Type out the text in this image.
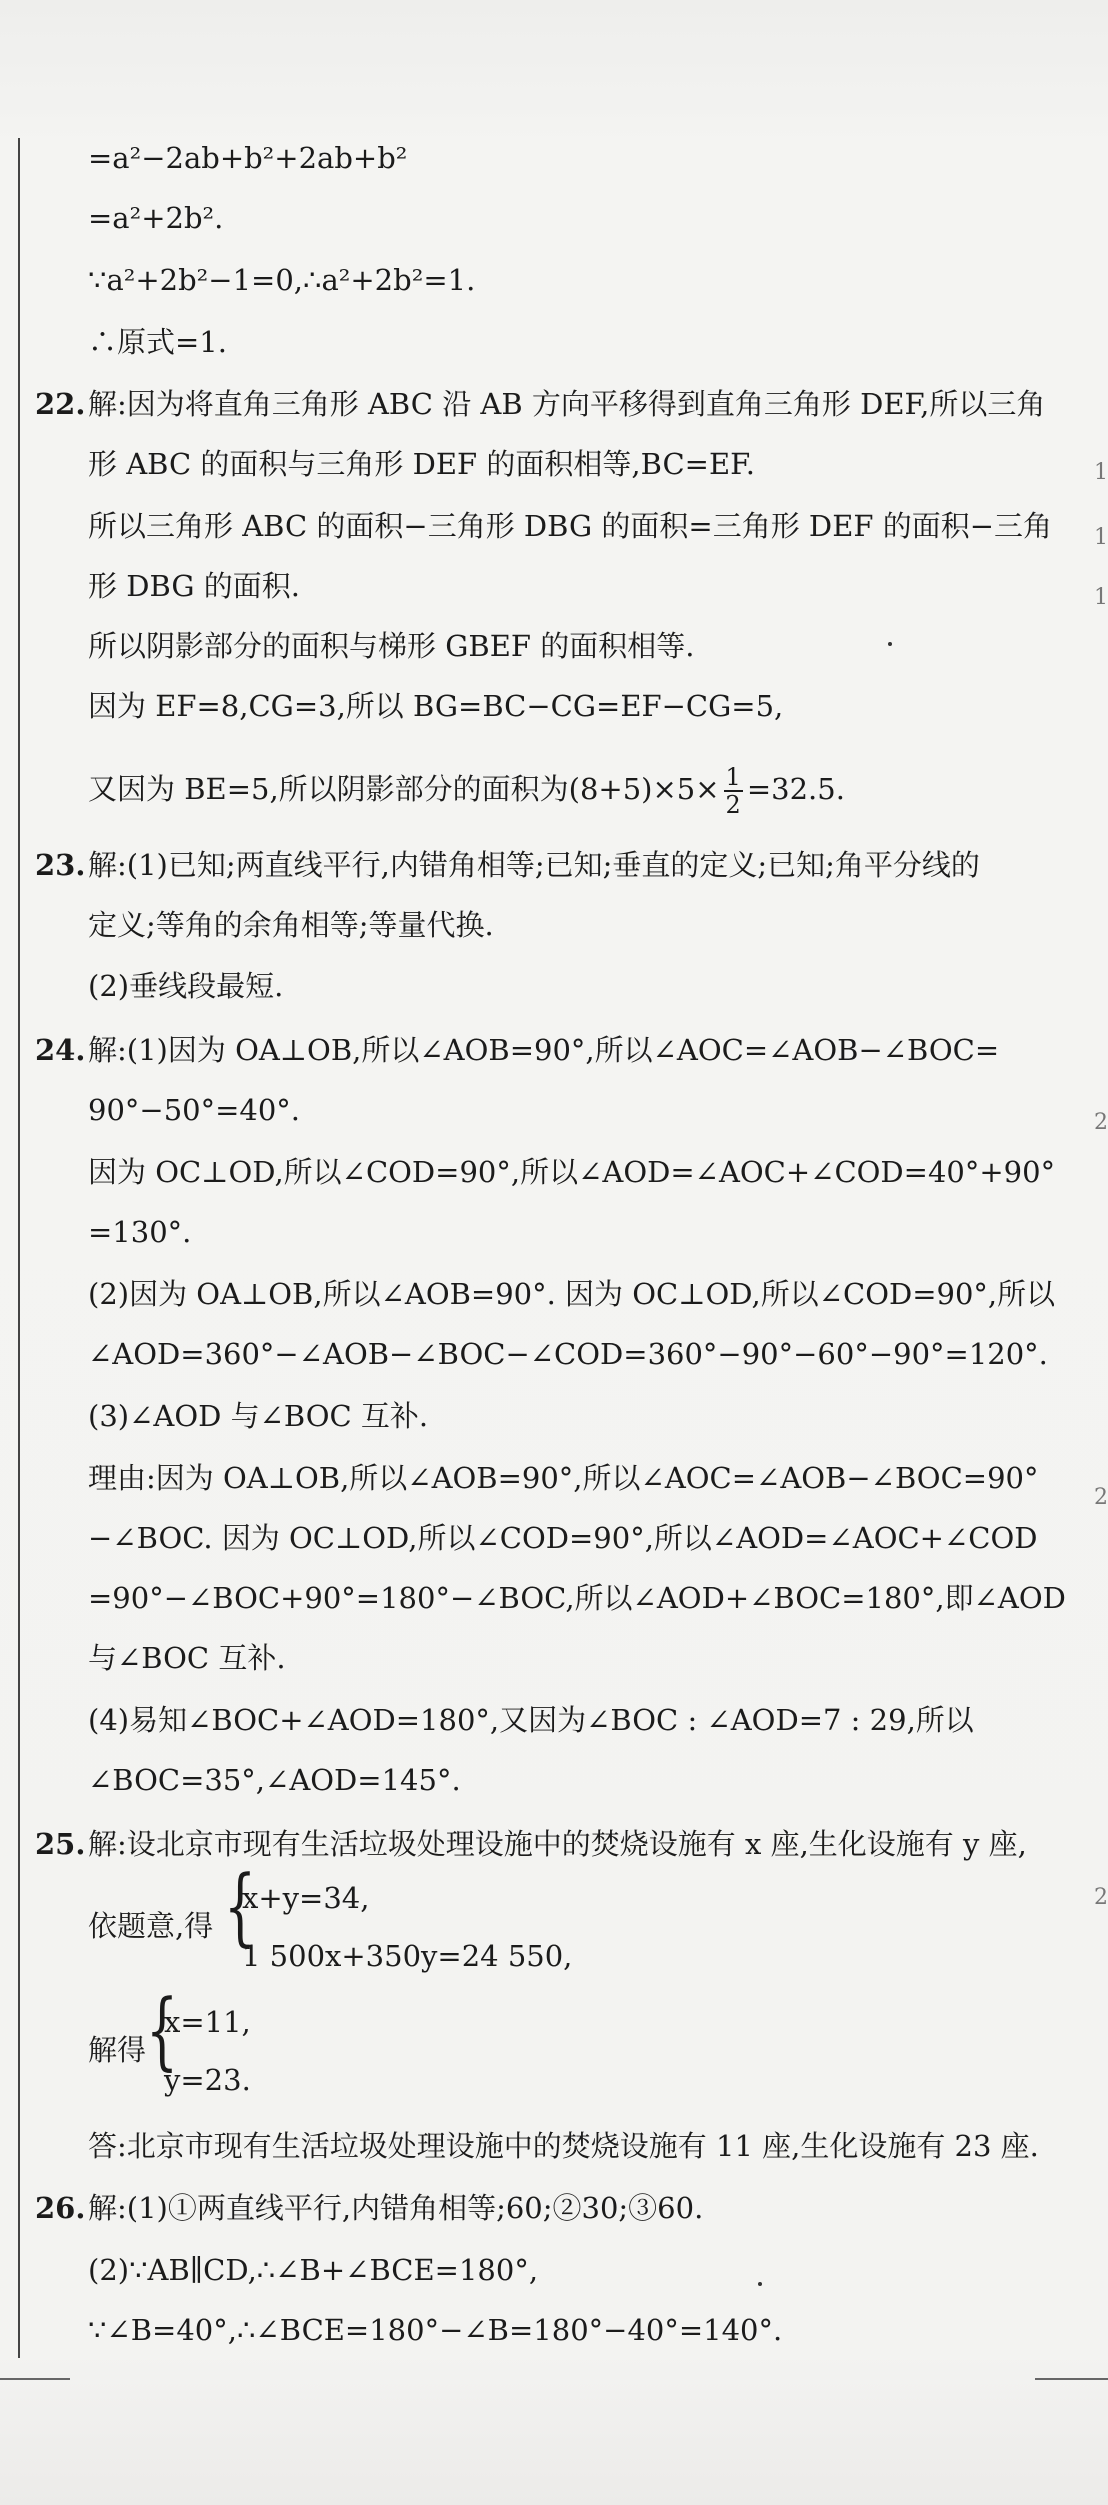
1
1
1
2
2
2
=a²−2ab+b²+2ab+b²
=a²+2b².
∵a²+2b²−1=0,∴a²+2b²=1.
∴原式=1.
22. 解:因为将直角三角形 ABC 沿 AB 方向平移得到直角三角形 DEF,所以三角
形 ABC 的面积与三角形 DEF 的面积相等,BC=EF.
所以三角形 ABC 的面积−三角形 DBG 的面积=三角形 DEF 的面积−三角
形 DBG 的面积.
所以阴影部分的面积与梯形 GBEF 的面积相等.
因为 EF=8,CG=3,所以 BG=BC−CG=EF−CG=5,
又因为 BE=5,所以阴影部分的面积为$(8+5)\times 5\times \frac{1}{2} =32.5$.
23. 解:(1)已知;两直线平行,内错角相等;已知;垂直的定义;已知;角平分线的
定义;等角的余角相等;等量代换.
(2)垂线段最短.
24. 解:(1)因为 OA⊥OB,所以∠AOB=90°,所以∠AOC=∠AOB−∠BOC=
90°−50°=40°.
因为 OC⊥OD,所以∠COD=90°,所以∠AOD=∠AOC+∠COD=40°+90°
=130°.
(2)因为 OA⊥OB,所以∠AOB=90°. 因为 OC⊥OD,所以∠COD=90°,所以
∠AOD=360°−∠AOB−∠BOC−∠COD=360°−90°−60°−90°=120°.
(3)∠AOD 与∠BOC 互补.
理由:因为 OA⊥OB,所以∠AOB=90°,所以∠AOC=∠AOB−∠BOC=90°
−∠BOC. 因为 OC⊥OD,所以∠COD=90°,所以∠AOD=∠AOC+∠COD
=90°−∠BOC+90°=180°−∠BOC,所以∠AOD+∠BOC=180°,即∠AOD
与∠BOC 互补.
(4)易知∠BOC+∠AOD=180°,又因为∠BOC : ∠AOD=7 : 29,所以
∠BOC=35°,∠AOD=145°.
25. 解:设北京市现有生活垃圾处理设施中的焚烧设施有 x 座,生化设施有 y 座,
依题意,得 {
x+y=34,
1 500x+350y=24 550,
解得 {
x=11,
y=23.
答:北京市现有生活垃圾处理设施中的焚烧设施有 11 座,生化设施有 23 座.
26. 解:(1)①两直线平行,内错角相等;60;②30;③60.
(2)∵AB∥CD,∴∠B+∠BCE=180°,
∵∠B=40°,∴∠BCE=180°−∠B=180°−40°=140°.
